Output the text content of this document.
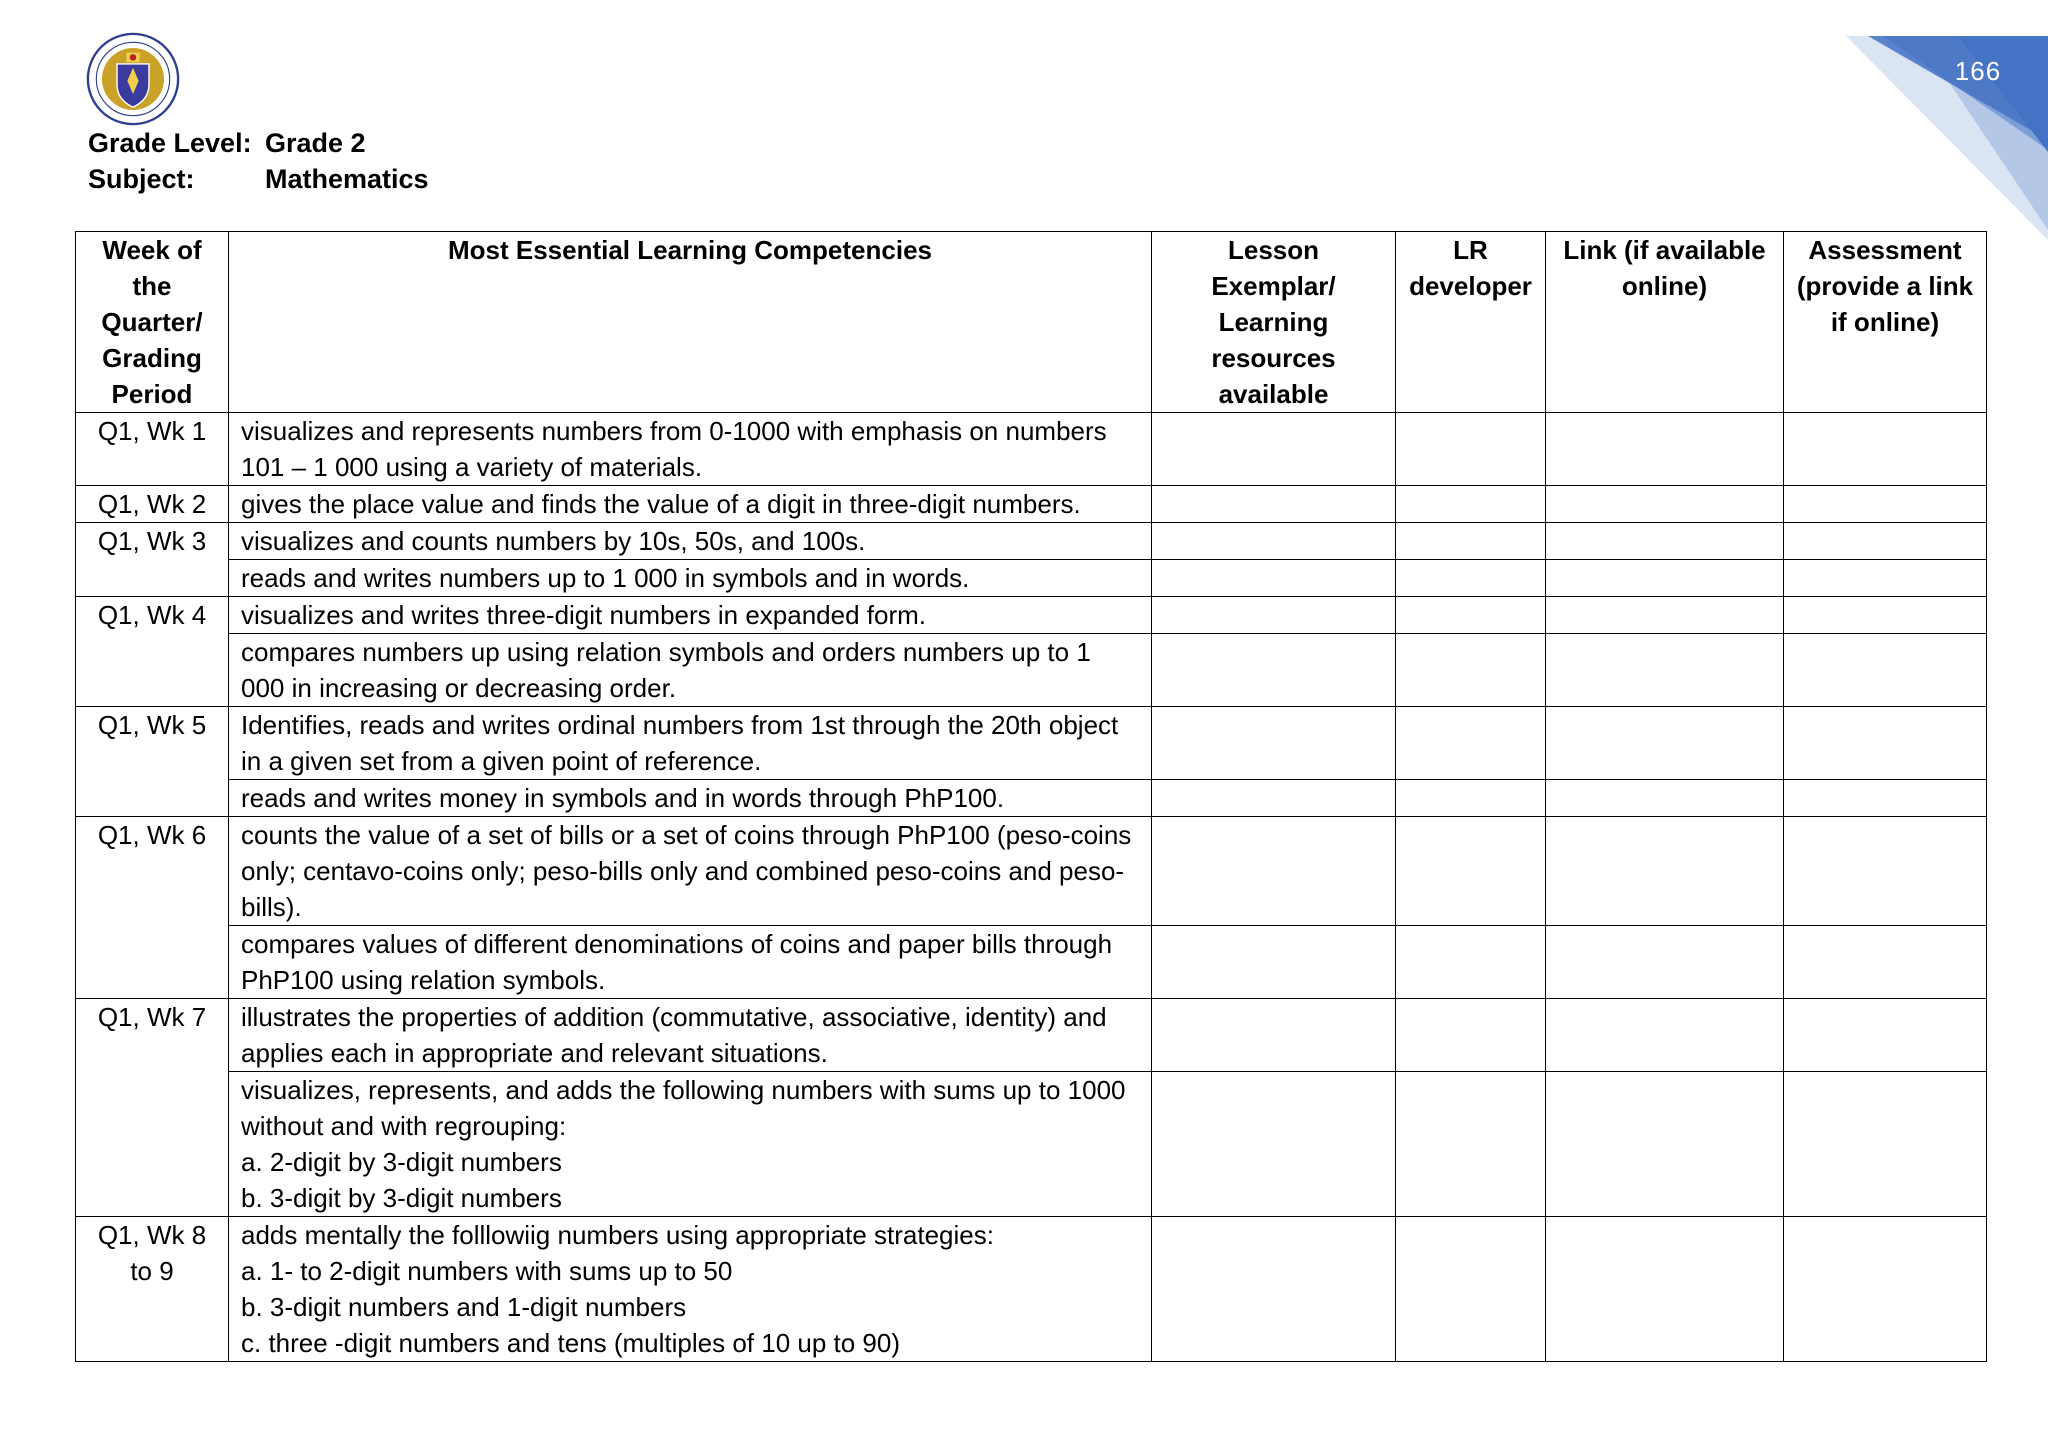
166
Grade Level: Grade 2
Subject:	Mathematics
Week of the Quarter/ Grading Period	Most Essential Learning Competencies	Lesson Exemplar/ Learning resources available	LR developer	Link (if available online)	Assessment (provide a link if online)
Q1, Wk 1	visualizes and represents numbers from 0-1000 with emphasis on numbers 101 – 1 000 using a variety of materials.				

Q1, Wk 2	gives the place value and finds the value of a digit in three-digit numbers.				

Q1, Wk 3	visualizes and counts numbers by 10s, 50s, and 100s.				

	reads and writes numbers up to 1 000 in symbols and in words.				

Q1, Wk 4	visualizes and writes three-digit numbers in expanded form.				

	compares numbers up using relation symbols and orders numbers up to 1 000 in increasing or decreasing order.				

Q1, Wk 5	Identifies, reads and writes ordinal numbers from 1st through the 20th object in a given set from a given point of reference.				

	reads and writes money in symbols and in words through PhP100.				

Q1, Wk 6	counts the value of a set of bills or a set of coins through PhP100 (peso-coins only; centavo-coins only; peso-bills only and combined peso-coins and peso-bills).				

	compares values of different denominations of coins and paper bills through PhP100 using relation symbols.				

Q1, Wk 7	illustrates the properties of addition (commutative, associative, identity) and applies each in appropriate and relevant situations.				

	visualizes, represents, and adds the following numbers with sums up to 1000 without and with regrouping:
a. 2-digit by 3-digit numbers
b. 3-digit by 3-digit numbers				

Q1, Wk 8 to 9	adds mentally the folllowiig numbers using appropriate strategies:
a. 1- to 2-digit numbers with sums up to 50
b. 3-digit numbers and 1-digit numbers
c. three -digit numbers and tens (multiples of 10 up to 90)				
